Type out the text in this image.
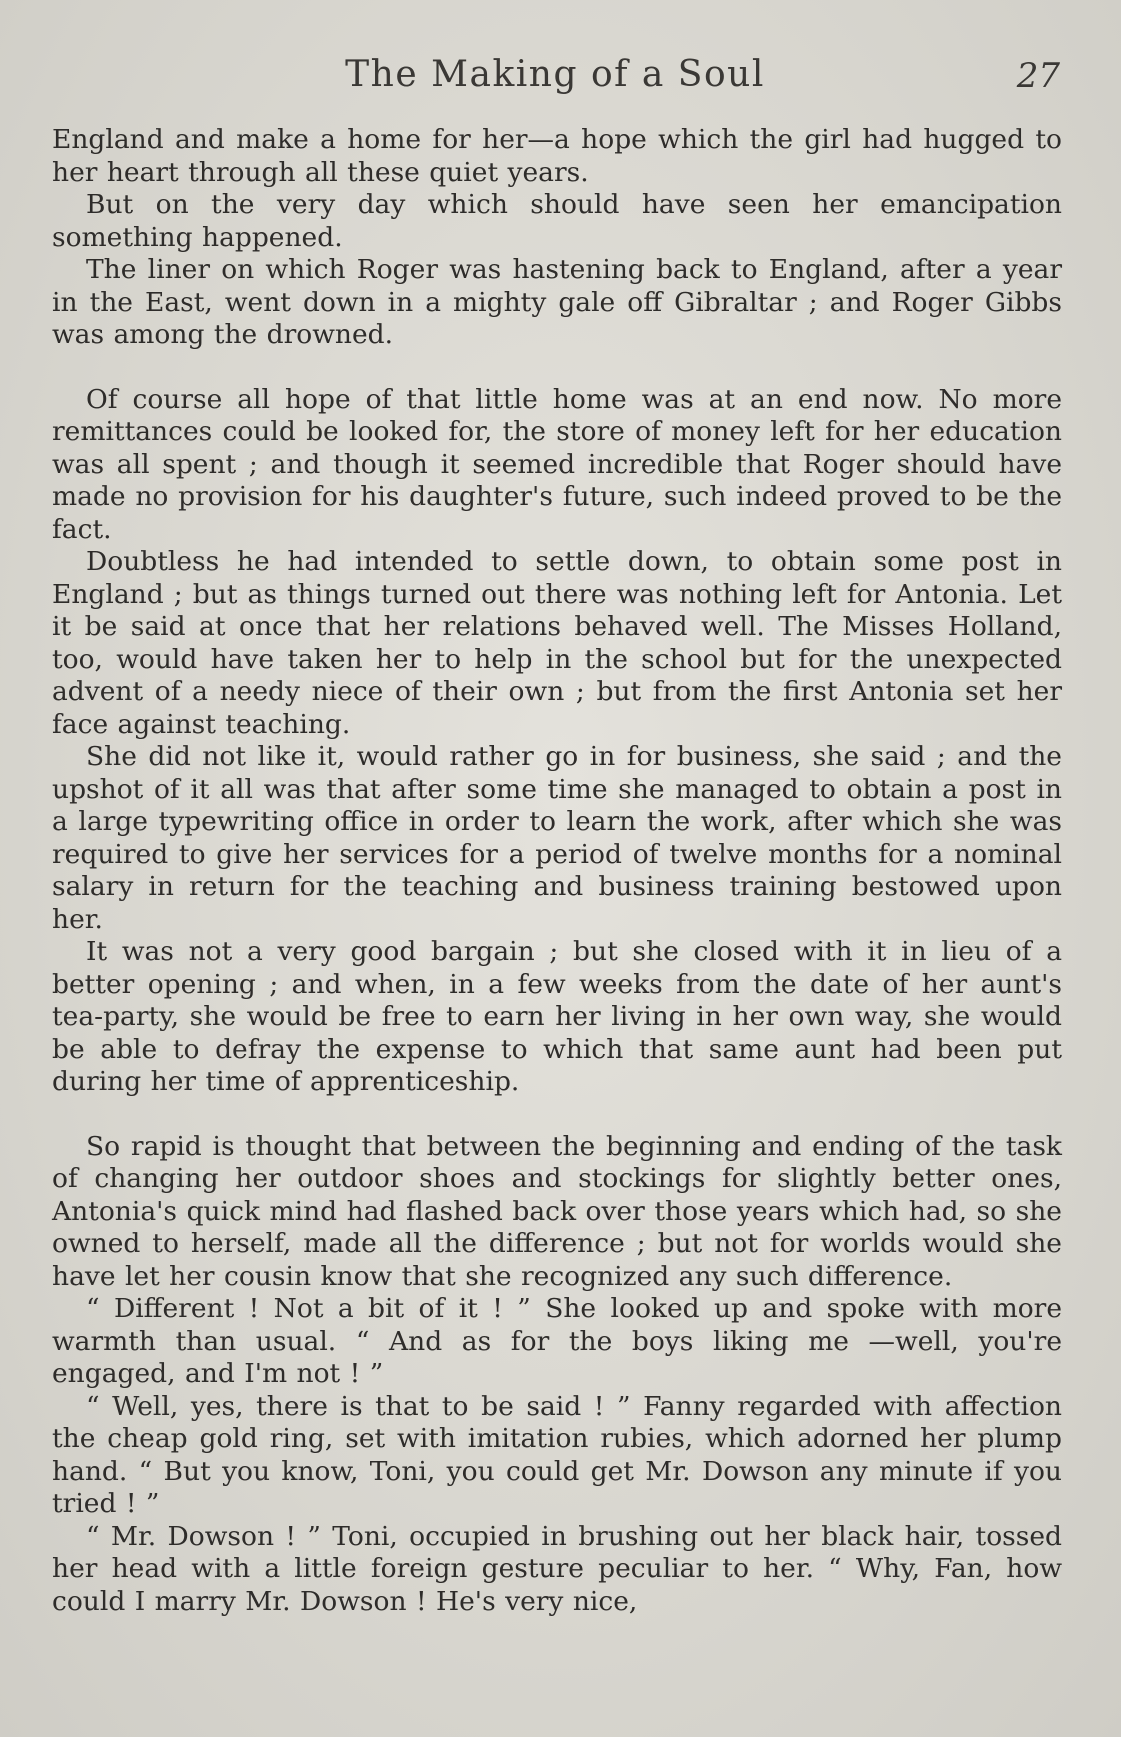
The Making of a Soul	27

England and make a home for her—a hope which the girl had hugged to her heart through all these quiet years.

But on the very day which should have seen her emancipation something happened.

The liner on which Roger was hastening back to England, after a year in the East, went down in a mighty gale off Gibraltar ; and Roger Gibbs was among the drowned.

Of course all hope of that little home was at an end now. No more remittances could be looked for, the store of money left for her education was all spent ; and though it seemed incredible that Roger should have made no provision for his daughter's future, such indeed proved to be the fact.

Doubtless he had intended to settle down, to obtain some post in England ; but as things turned out there was nothing left for Antonia. Let it be said at once that her relations behaved well. The Misses Holland, too, would have taken her to help in the school but for the unexpected advent of a needy niece of their own ; but from the first Antonia set her face against teaching.

She did not like it, would rather go in for business, she said ; and the upshot of it all was that after some time she managed to obtain a post in a large typewriting office in order to learn the work, after which she was required to give her services for a period of twelve months for a nominal salary in return for the teaching and business training bestowed upon her.

It was not a very good bargain ; but she closed with it in lieu of a better opening ; and when, in a few weeks from the date of her aunt's tea-party, she would be free to earn her living in her own way, she would be able to defray the expense to which that same aunt had been put during her time of apprenticeship.

So rapid is thought that between the beginning and ending of the task of changing her outdoor shoes and stockings for slightly better ones, Antonia's quick mind had flashed back over those years which had, so she owned to herself, made all the difference ; but not for worlds would she have let her cousin know that she recognized any such difference.

“ Different ! Not a bit of it ! ” She looked up and spoke with more warmth than usual. “ And as for the boys liking me —well, you're engaged, and I'm not ! ”

“ Well, yes, there is that to be said ! ” Fanny regarded with affection the cheap gold ring, set with imitation rubies, which adorned her plump hand. “ But you know, Toni, you could get Mr. Dowson any minute if you tried ! ”

“ Mr. Dowson ! ” Toni, occupied in brushing out her black hair, tossed her head with a little foreign gesture peculiar to her. “ Why, Fan, how could I marry Mr. Dowson ! He's very nice,
